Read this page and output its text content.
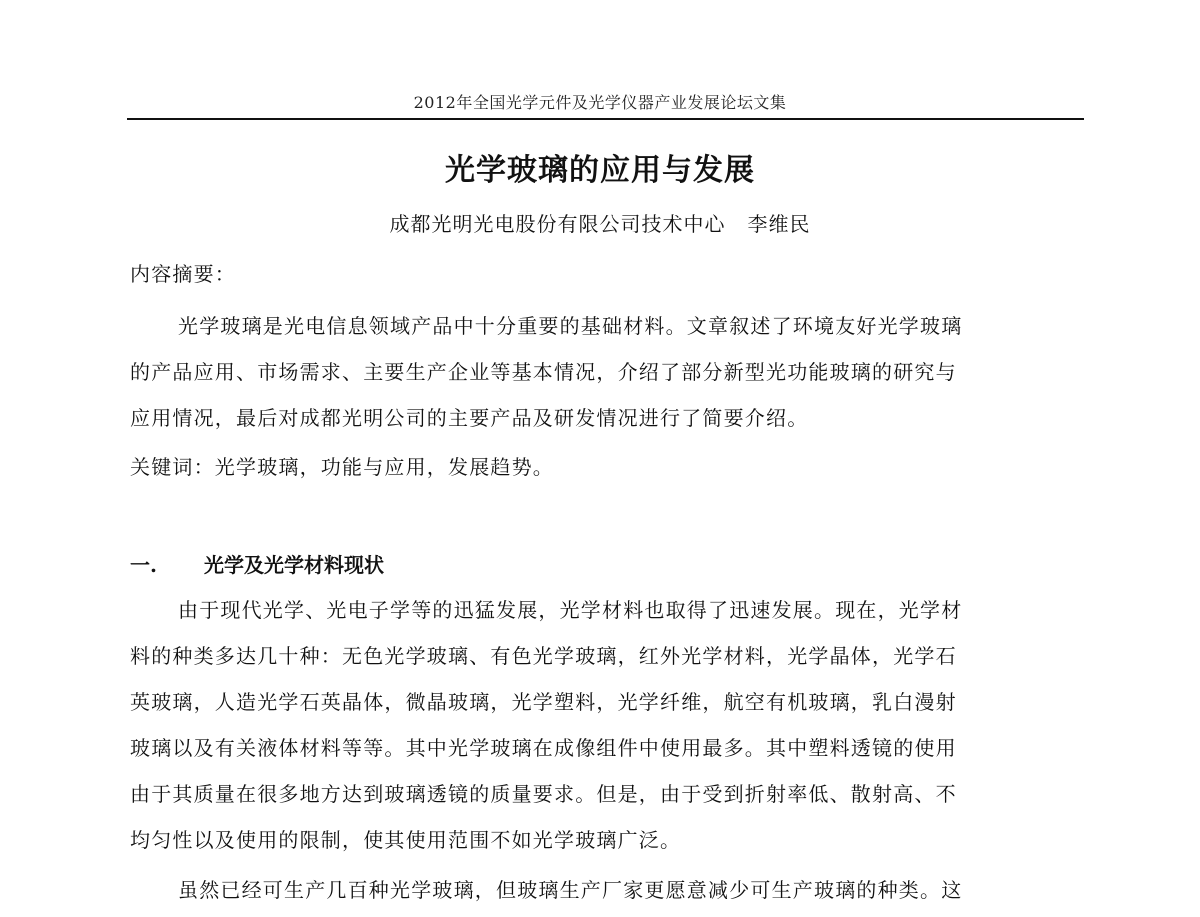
2012年全国光学元件及光学仪器产业发展论坛文集
光学玻璃的应用与发展
成都光明光电股份有限公司技术中心 李维民
内容摘要：
光学玻璃是光电信息领域产品中十分重要的基础材料。文章叙述了环境友好光学玻璃
的产品应用、市场需求、主要生产企业等基本情况，介绍了部分新型光功能玻璃的研究与
应用情况，最后对成都光明公司的主要产品及研发情况进行了简要介绍。
关键词：光学玻璃，功能与应用，发展趋势。
一. 光学及光学材料现状
由于现代光学、光电子学等的迅猛发展，光学材料也取得了迅速发展。现在，光学材
料的种类多达几十种：无色光学玻璃、有色光学玻璃，红外光学材料，光学晶体，光学石
英玻璃，人造光学石英晶体，微晶玻璃，光学塑料，光学纤维，航空有机玻璃，乳白漫射
玻璃以及有关液体材料等等。其中光学玻璃在成像组件中使用最多。其中塑料透镜的使用
由于其质量在很多地方达到玻璃透镜的质量要求。但是，由于受到折射率低、散射高、不
均匀性以及使用的限制，使其使用范围不如光学玻璃广泛。
虽然已经可生产几百种光学玻璃，但玻璃生产厂家更愿意减少可生产玻璃的种类。这
